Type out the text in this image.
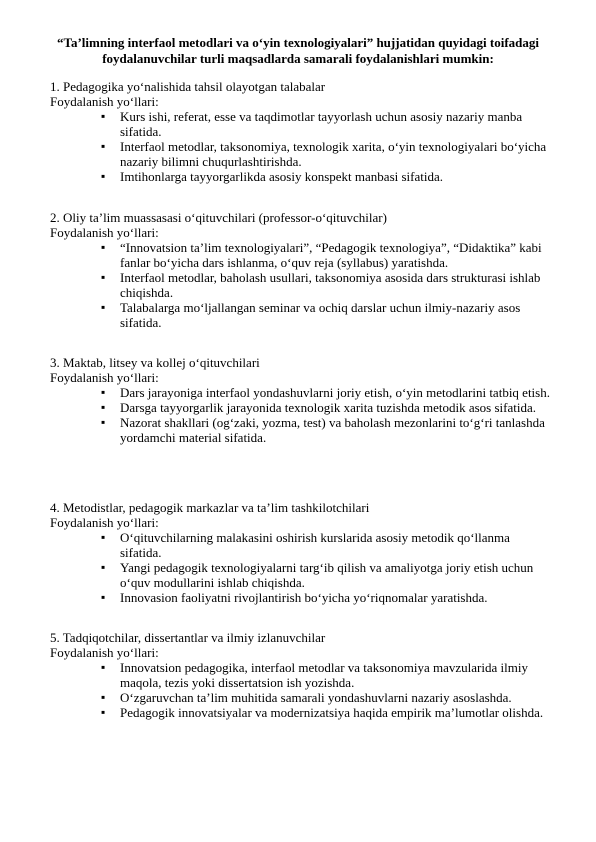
“Ta’limning interfaol metodlari va o‘yin texnologiyalari” hujjatidan quyidagi toifadagi foydalanuvchilar turli maqsadlarda samarali foydalanishlari mumkin:
1. Pedagogika yo‘nalishida tahsil olayotgan talabalar
Foydalanish yo‘llari:
▪ Kurs ishi, referat, esse va taqdimotlar tayyorlash uchun asosiy nazariy manba sifatida.
▪ Interfaol metodlar, taksonomiya, texnologik xarita, o‘yin texnologiyalari bo‘yicha nazariy bilimni chuqurlashtirishda.
▪ Imtihonlarga tayyorgarlikda asosiy konspekt manbasi sifatida.
2. Oliy ta’lim muassasasi o‘qituvchilari (professor-o‘qituvchilar)
Foydalanish yo‘llari:
▪ “Innovatsion ta’lim texnologiyalari”, “Pedagogik texnologiya”, “Didaktika” kabi fanlar bo‘yicha dars ishlanma, o‘quv reja (syllabus) yaratishda.
▪ Interfaol metodlar, baholash usullari, taksonomiya asosida dars strukturasi ishlab chiqishda.
▪ Talabalarga mo‘ljallangan seminar va ochiq darslar uchun ilmiy-nazariy asos sifatida.
3. Maktab, litsey va kollej o‘qituvchilari
Foydalanish yo‘llari:
▪ Dars jarayoniga interfaol yondashuvlarni joriy etish, o‘yin metodlarini tatbiq etish.
▪ Darsga tayyorgarlik jarayonida texnologik xarita tuzishda metodik asos sifatida.
▪ Nazorat shakllari (og‘zaki, yozma, test) va baholash mezonlarini to‘g‘ri tanlashda yordamchi material sifatida.
4. Metodistlar, pedagogik markazlar va ta’lim tashkilotchilari
Foydalanish yo‘llari:
▪ O‘qituvchilarning malakasini oshirish kurslarida asosiy metodik qo‘llanma sifatida.
▪ Yangi pedagogik texnologiyalarni targ‘ib qilish va amaliyotga joriy etish uchun o‘quv modullarini ishlab chiqishda.
▪ Innovasion faoliyatni rivojlantirish bo‘yicha yo‘riqnomalar yaratishda.
5. Tadqiqotchilar, dissertantlar va ilmiy izlanuvchilar
Foydalanish yo‘llari:
▪ Innovatsion pedagogika, interfaol metodlar va taksonomiya mavzularida ilmiy maqola, tezis yoki dissertatsion ish yozishda.
▪ O‘zgaruvchan ta’lim muhitida samarali yondashuvlarni nazariy asoslashda.
▪ Pedagogik innovatsiyalar va modernizatsiya haqida empirik ma’lumotlar olishda.
